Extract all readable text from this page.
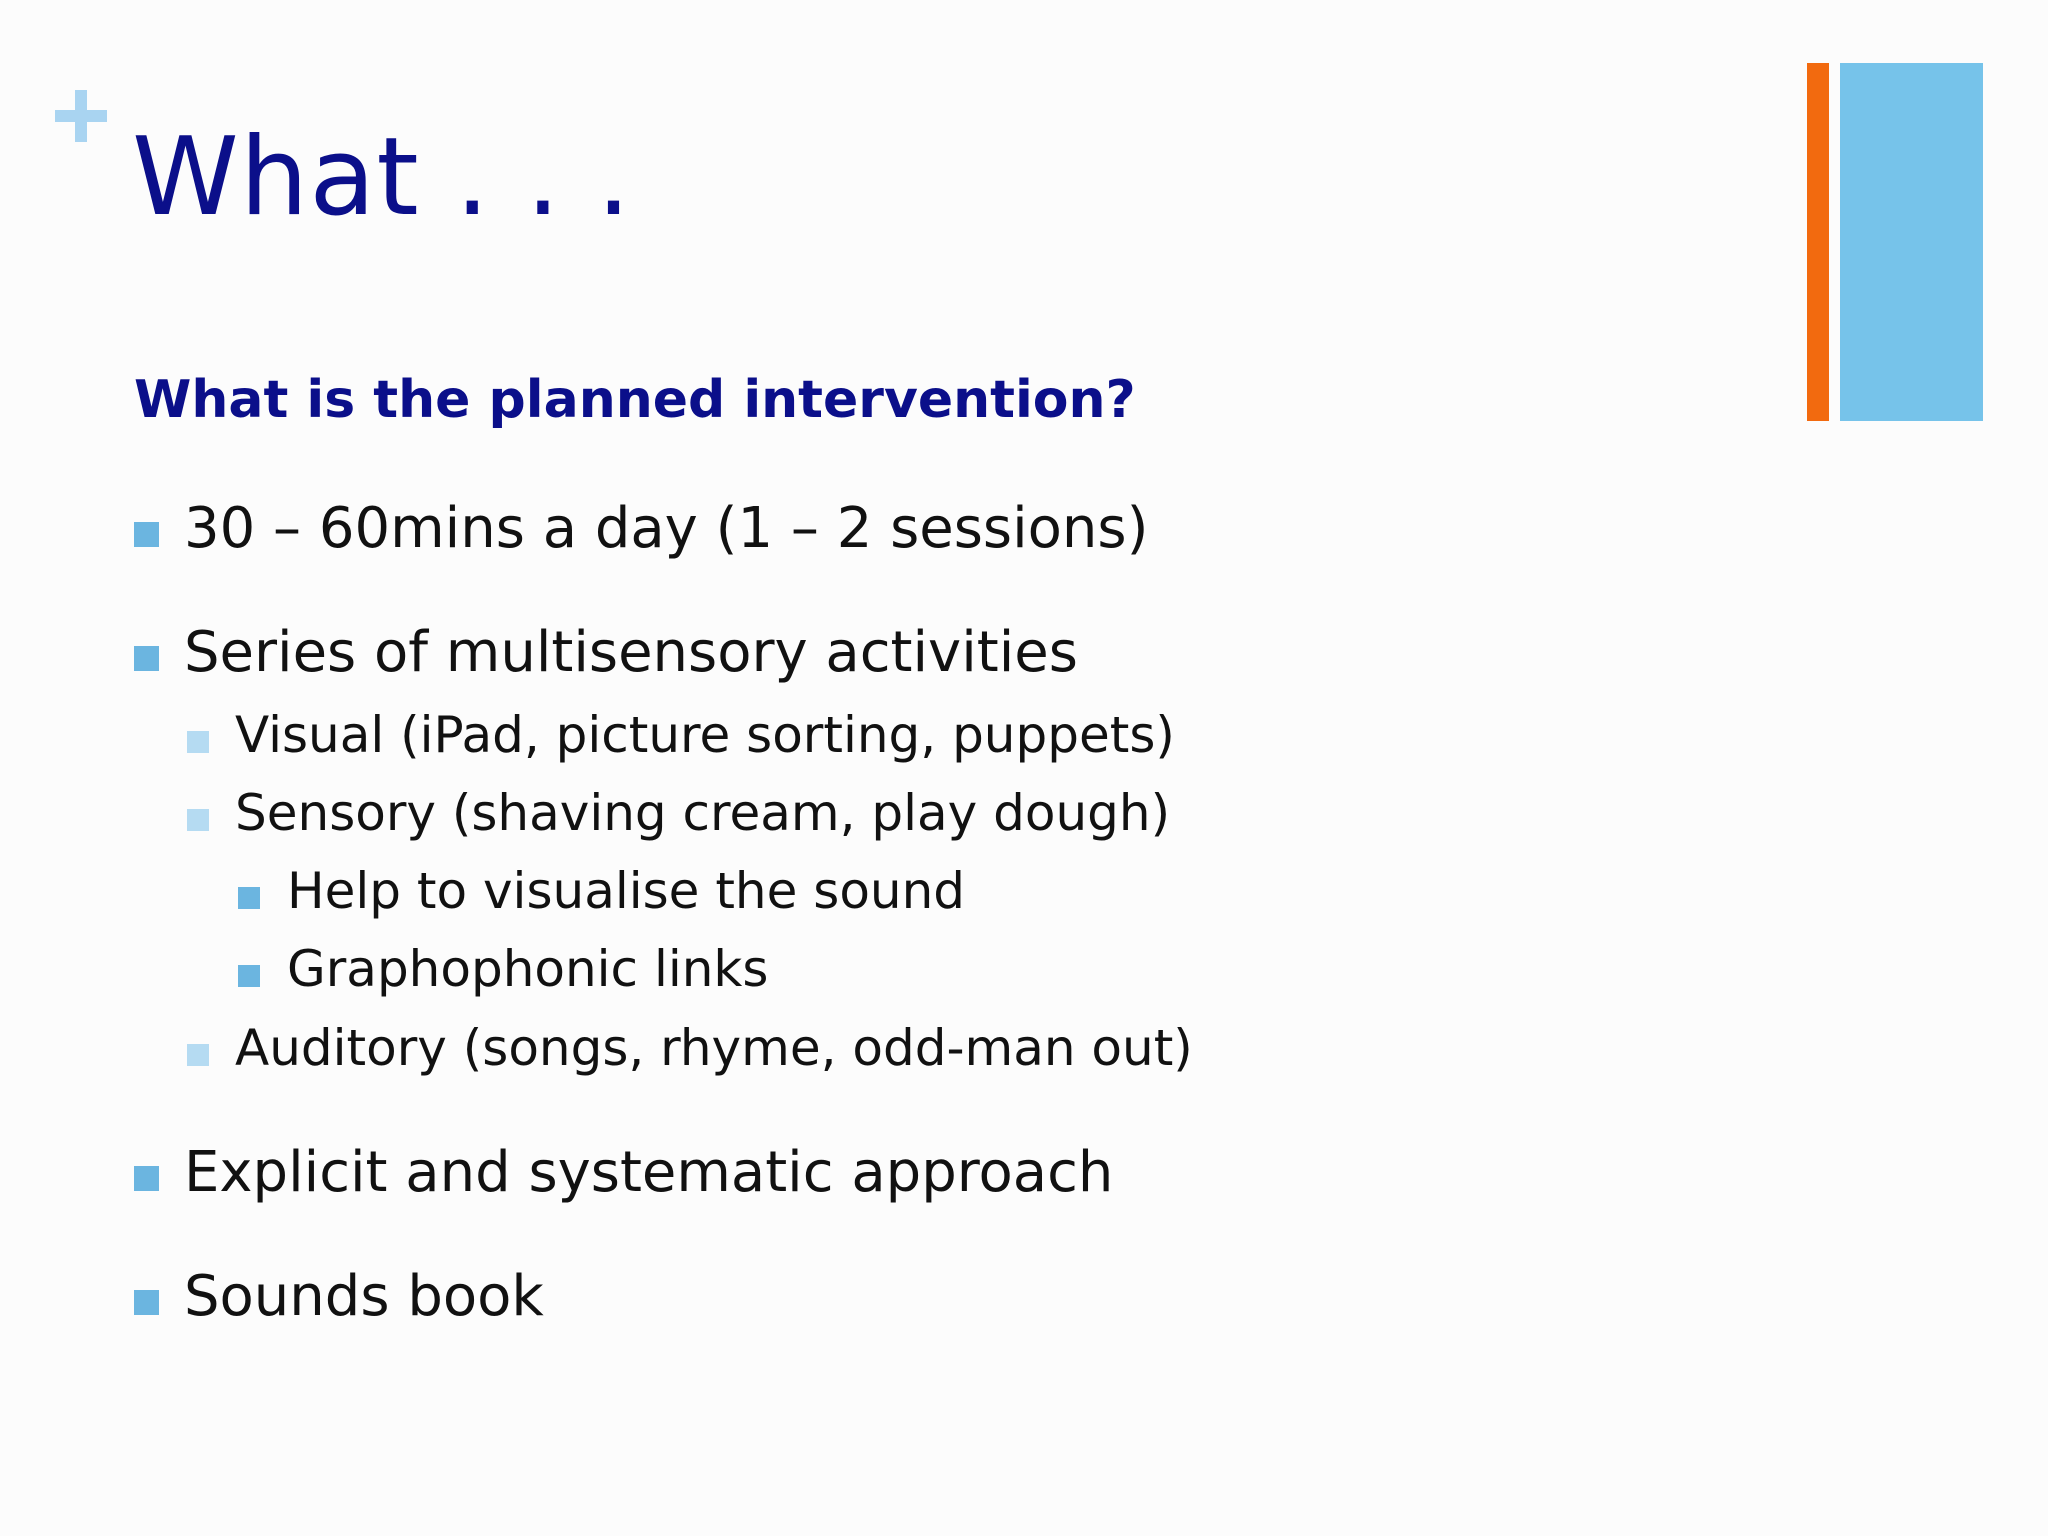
What . . .
What is the planned intervention?
30 – 60mins a day (1 – 2 sessions)
Series of multisensory activities
Visual (iPad, picture sorting, puppets)
Sensory (shaving cream, play dough)
Help to visualise the sound
Graphophonic links
Auditory (songs, rhyme, odd-man out)
Explicit and systematic approach
Sounds book
